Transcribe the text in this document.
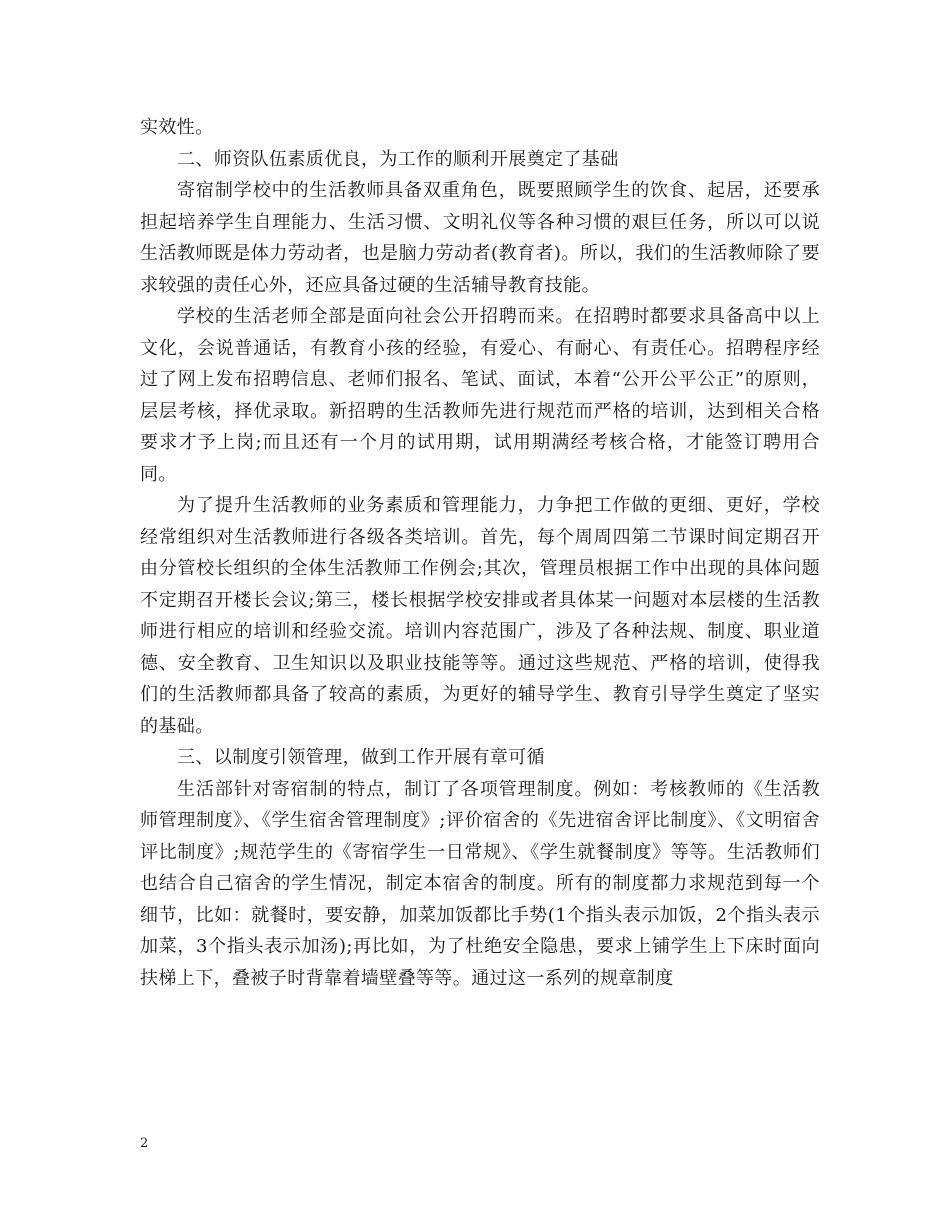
实效性。

二、师资队伍素质优良，为工作的顺利开展奠定了基础

寄宿制学校中的生活教师具备双重角色，既要照顾学生的饮食、起居，还要承担起培养学生自理能力、生活习惯、文明礼仪等各种习惯的艰巨任务，所以可以说生活教师既是体力劳动者，也是脑力劳动者(教育者)。所以，我们的生活教师除了要求较强的责任心外，还应具备过硬的生活辅导教育技能。

学校的生活老师全部是面向社会公开招聘而来。在招聘时都要求具备高中以上文化，会说普通话，有教育小孩的经验，有爱心、有耐心、有责任心。招聘程序经过了网上发布招聘信息、老师们报名、笔试、面试，本着“公开公平公正”的原则，层层考核，择优录取。新招聘的生活教师先进行规范而严格的培训，达到相关合格要求才予上岗;而且还有一个月的试用期，试用期满经考核合格，才能签订聘用合同。

为了提升生活教师的业务素质和管理能力，力争把工作做的更细、更好，学校经常组织对生活教师进行各级各类培训。首先，每个周周四第二节课时间定期召开由分管校长组织的全体生活教师工作例会;其次，管理员根据工作中出现的具体问题不定期召开楼长会议;第三，楼长根据学校安排或者具体某一问题对本层楼的生活教师进行相应的培训和经验交流。培训内容范围广，涉及了各种法规、制度、职业道德、安全教育、卫生知识以及职业技能等等。通过这些规范、严格的培训，使得我们的生活教师都具备了较高的素质，为更好的辅导学生、教育引导学生奠定了坚实的基础。

三、以制度引领管理，做到工作开展有章可循

生活部针对寄宿制的特点，制订了各项管理制度。例如：考核教师的《生活教师管理制度》、《学生宿舍管理制度》;评价宿舍的《先进宿舍评比制度》、《文明宿舍评比制度》;规范学生的《寄宿学生一日常规》、《学生就餐制度》等等。生活教师们也结合自己宿舍的学生情况，制定本宿舍的制度。所有的制度都力求规范到每一个细节，比如：就餐时，要安静，加菜加饭都比手势(1个指头表示加饭，2个指头表示加菜，3个指头表示加汤);再比如，为了杜绝安全隐患，要求上铺学生上下床时面向扶梯上下，叠被子时背靠着墙壁叠等等。通过这一系列的规章制度

2
